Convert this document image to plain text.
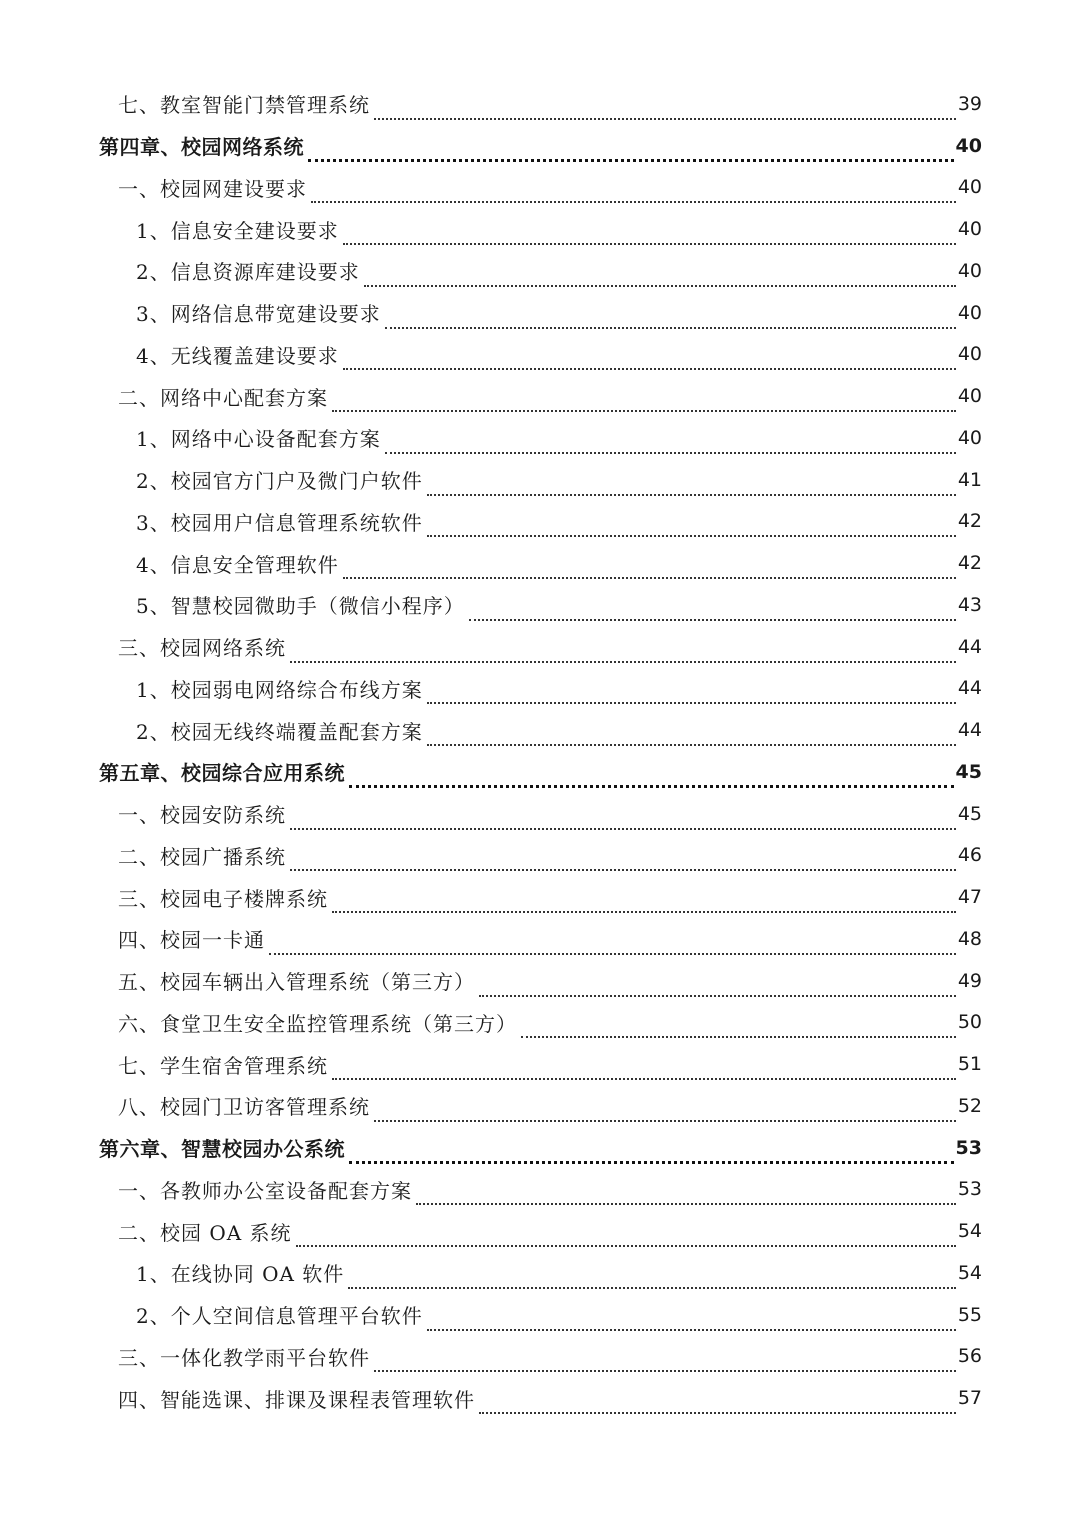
七、教室智能门禁管理系统	39
第四章、校园网络系统	40
一、校园网建设要求	40
1、信息安全建设要求	40
2、信息资源库建设要求	40
3、网络信息带宽建设要求	40
4、无线覆盖建设要求	40
二、网络中心配套方案	40
1、网络中心设备配套方案	40
2、校园官方门户及微门户软件	41
3、校园用户信息管理系统软件	42
4、信息安全管理软件	42
5、智慧校园微助手（微信小程序）	43
三、校园网络系统	44
1、校园弱电网络综合布线方案	44
2、校园无线终端覆盖配套方案	44
第五章、校园综合应用系统	45
一、校园安防系统	45
二、校园广播系统	46
三、校园电子楼牌系统	47
四、校园一卡通	48
五、校园车辆出入管理系统（第三方）	49
六、食堂卫生安全监控管理系统（第三方）	50
七、学生宿舍管理系统	51
八、校园门卫访客管理系统	52
第六章、智慧校园办公系统	53
一、各教师办公室设备配套方案	53
二、校园 OA 系统	54
1、在线协同 OA 软件	54
2、个人空间信息管理平台软件	55
三、一体化教学雨平台软件	56
四、智能选课、排课及课程表管理软件	57
